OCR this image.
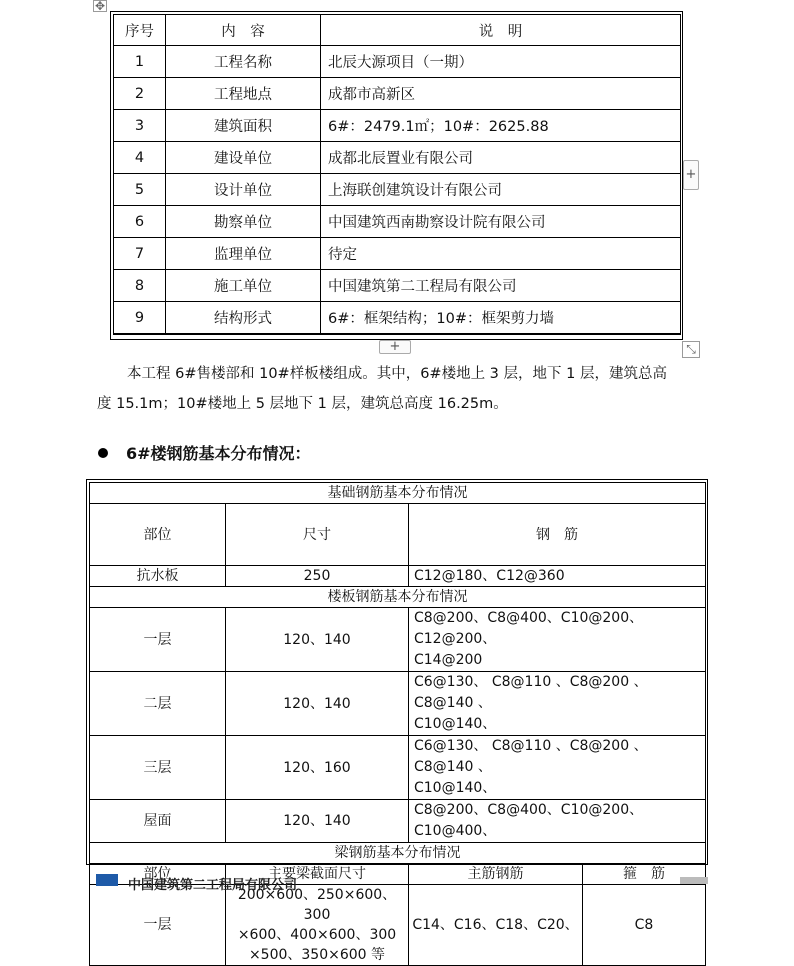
✥
+
+	⤡
序号	内　容	说　明
1	工程名称	北辰大源项目（一期）
2	工程地点	成都市高新区
3	建筑面积	6#：2479.1㎡；10#：2625.88
4	建设单位	成都北辰置业有限公司
5	设计单位	上海联创建筑设计有限公司
6	勘察单位	中国建筑西南勘察设计院有限公司
7	监理单位	待定
8	施工单位	中国建筑第二工程局有限公司
9	结构形式	6#：框架结构；10#：框架剪力墙

本工程 6#售楼部和 10#样板楼组成。其中，6#楼地上 3 层，地下 1 层，建筑总高
度 15.1m；10#楼地上 5 层地下 1 层，建筑总高度 16.25m。
6#楼钢筋基本分布情况：
基础钢筋基本分布情况			
部位	尺寸	钢　筋	
抗水板	250	C12@180、C12@360	
楼板钢筋基本分布情况			
一层	120、140	C8@200、C8@400、C10@200、C12@200、
C14@200	

二层	120、140	C6@130、 C8@110 、C8@200 、C8@140 、
C10@140、	

三层	120、160	C6@130、 C8@110 、C8@200 、C8@140 、
C10@140、	

屋面	120、140	C8@200、C8@400、C10@200、C10@400、	

梁钢筋基本分布情况			
部位	主要梁截面尺寸	主筋钢筋	箍　筋
一层	200×600、250×600、300
×600、400×600、300
×500、350×600 等	C14、C16、C18、C20、	C8
中国建筑第二工程局有限公司
